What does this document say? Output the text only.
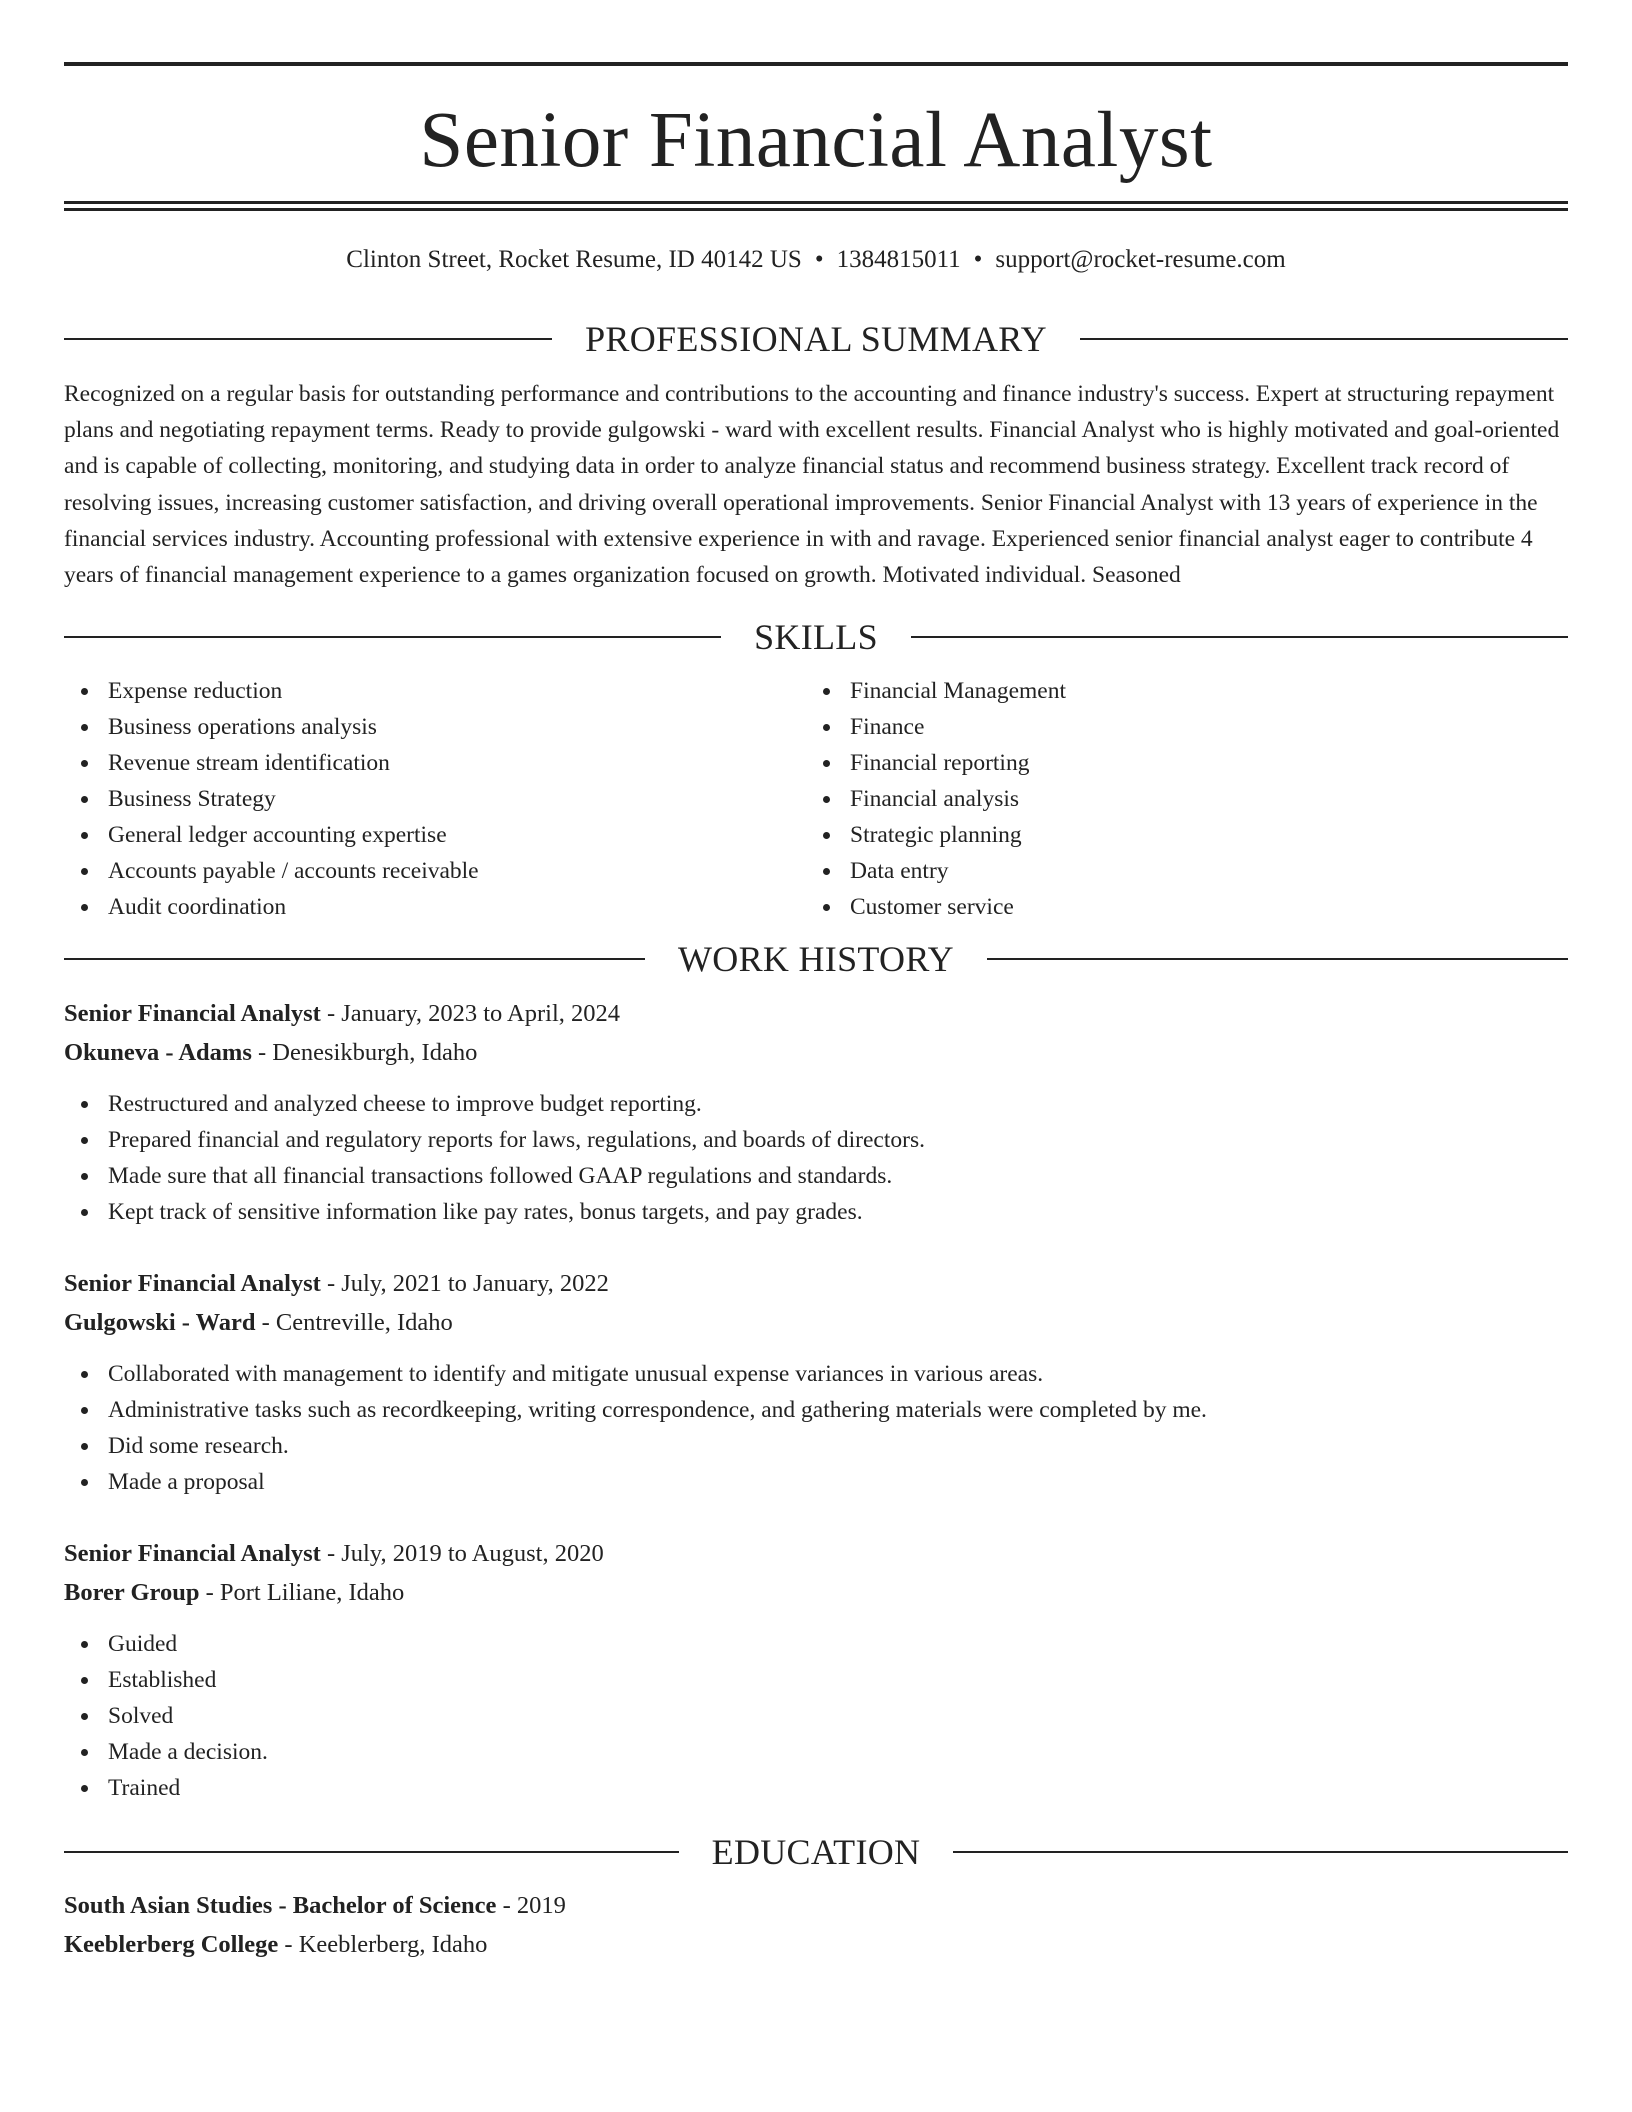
Senior Financial Analyst
Clinton Street, Rocket Resume, ID 40142 US • 1384815011 • support@rocket-resume.com
PROFESSIONAL SUMMARY

Recognized on a regular basis for outstanding performance and contributions to the accounting and finance industry's success. Expert at structuring repayment plans and negotiating repayment terms. Ready to provide gulgowski - ward with excellent results. Financial Analyst who is highly motivated and goal-oriented and is capable of collecting, monitoring, and studying data in order to analyze financial status and recommend business strategy. Excellent track record of resolving issues, increasing customer satisfaction, and driving overall operational improvements. Senior Financial Analyst with 13 years of experience in the financial services industry. Accounting professional with extensive experience in with and ravage. Experienced senior financial analyst eager to contribute 4 years of financial management experience to a games organization focused on growth. Motivated individual. Seasoned

SKILLS
Expense reduction
Business operations analysis
Revenue stream identification
Business Strategy
General ledger accounting expertise
Accounts payable / accounts receivable
Audit coordination
Financial Management
Finance
Financial reporting
Financial analysis
Strategic planning
Data entry
Customer service
WORK HISTORY
Senior Financial Analyst - January, 2023 to April, 2024
Okuneva - Adams - Denesikburgh, Idaho
Restructured and analyzed cheese to improve budget reporting.
Prepared financial and regulatory reports for laws, regulations, and boards of directors.
Made sure that all financial transactions followed GAAP regulations and standards.
Kept track of sensitive information like pay rates, bonus targets, and pay grades.
Senior Financial Analyst - July, 2021 to January, 2022
Gulgowski - Ward - Centreville, Idaho
Collaborated with management to identify and mitigate unusual expense variances in various areas.
Administrative tasks such as recordkeeping, writing correspondence, and gathering materials were completed by me.
Did some research.
Made a proposal
Senior Financial Analyst - July, 2019 to August, 2020
Borer Group - Port Liliane, Idaho
Guided
Established
Solved
Made a decision.
Trained
EDUCATION
South Asian Studies - Bachelor of Science - 2019
Keeblerberg College - Keeblerberg, Idaho
